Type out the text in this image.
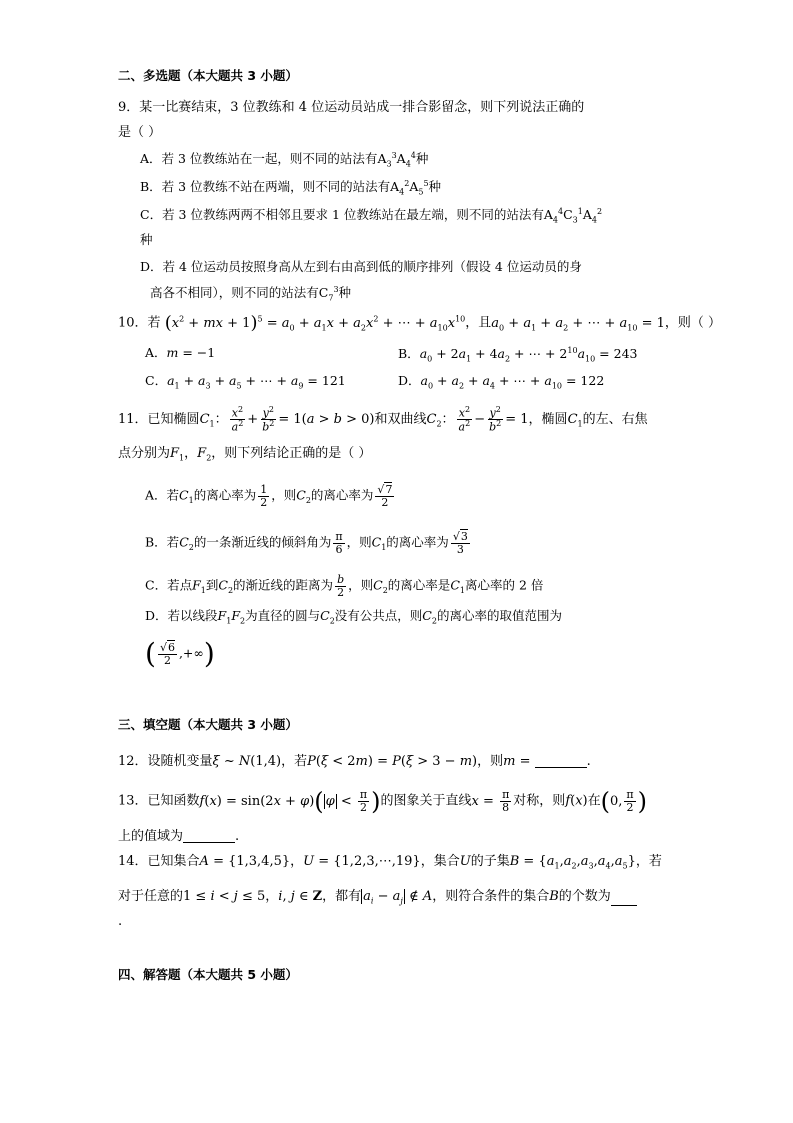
二、多选题（本大题共 3 小题）
9．某一比赛结束，3 位教练和 4 位运动员站成一排合影留念，则下列说法正确的
是（ ）
A．若 3 位教练站在一起，则不同的站法有$A_3^3A_4^4$种
B．若 3 位教练不站在两端，则不同的站法有$A_4^2A_5^5$种
C．若 3 位教练两两不相邻且要求 1 位教练站在最左端，则不同的站法有$A_4^4C_3^1A_4^2$
种
D．若 4 位运动员按照身高从左到右由高到低的顺序排列（假设 4 位运动员的身
高各不相同），则不同的站法有$C_7^3$种
10．若 ($x^2$ + mx + $1)^5 = a_0 + a_1x + a_2x^2$ + ⋯ + $a_{10}x^{10}$，且$a_0 + a_1 + a_2$ + ⋯ + $a_{10} = 1$，则（ ）
A．m = −1	B．$a_0 + 2a_1 + 4a_2$ + ⋯ + $2^{10}a_{10} = 243$
C．$a_1 + a_3 + a_5$ + ⋯ + $a_9 = 121$	D．$a_0 + a_2 + a_4$ + ⋯ + $a_{10} = 122$
11．已知椭圆$C_1$： $\frac{x^2}{a^2} + \frac{y^2}{b^2} = 1(a > b > 0)$和双曲线$C_2$： $\frac{x^2}{a^2} - \frac{y^2}{b^2} = 1$，椭圆$C_1$的左、右焦
点分别为$F_1$，$F_2$，则下列结论正确的是（ ）
A．若$C_1$的离心率为 $\frac{1}{2}$ ，则$C_2$的离心率为 $\frac{√7}{2}$
B．若$C_2$的一条渐近线的倾斜角为 $\frac{\pi}{6}$ ，则$C_1$的离心率为 $\frac{√3}{3}$
C．若点$F_1$到$C_2$的渐近线的距离为 $\frac{b}{2}$ ，则$C_2$的离心率是$C_1$离心率的 2 倍
D．若以线段$F_1F_2$为直径的圆与$C_2$没有公共点，则$C_2$的离心率的取值范围为
( $\frac{√6}{2}$ ,+∞)
三、填空题（本大题共 3 小题）
12．设随机变量ξ ~ N(1,4)，若P(ξ < 2m) = P(ξ > 3 − m)，则m =	.
13．已知函数f(x) = sin(2x + φ)( $\varphi < \frac{\pi}{2}$ )的图象关于直线$x = \frac{\pi}{8}$ 对称，则f(x)在(0, $\frac{\pi}{2}$ )
上的值域为	.
14．已知集合A = {1,3,4,5}，U = {1,2,3,⋯,19}，集合U的子集$B = \{a_1,a_2,a_3,a_4,a_5\}$，若
对于任意的1 ≤ i < j ≤ 5，i, j ∈ Z，都有 $a_i - a_j$ ∉ A，则符合条件的集合B的个数为
.
四、解答题（本大题共 5 小题）
